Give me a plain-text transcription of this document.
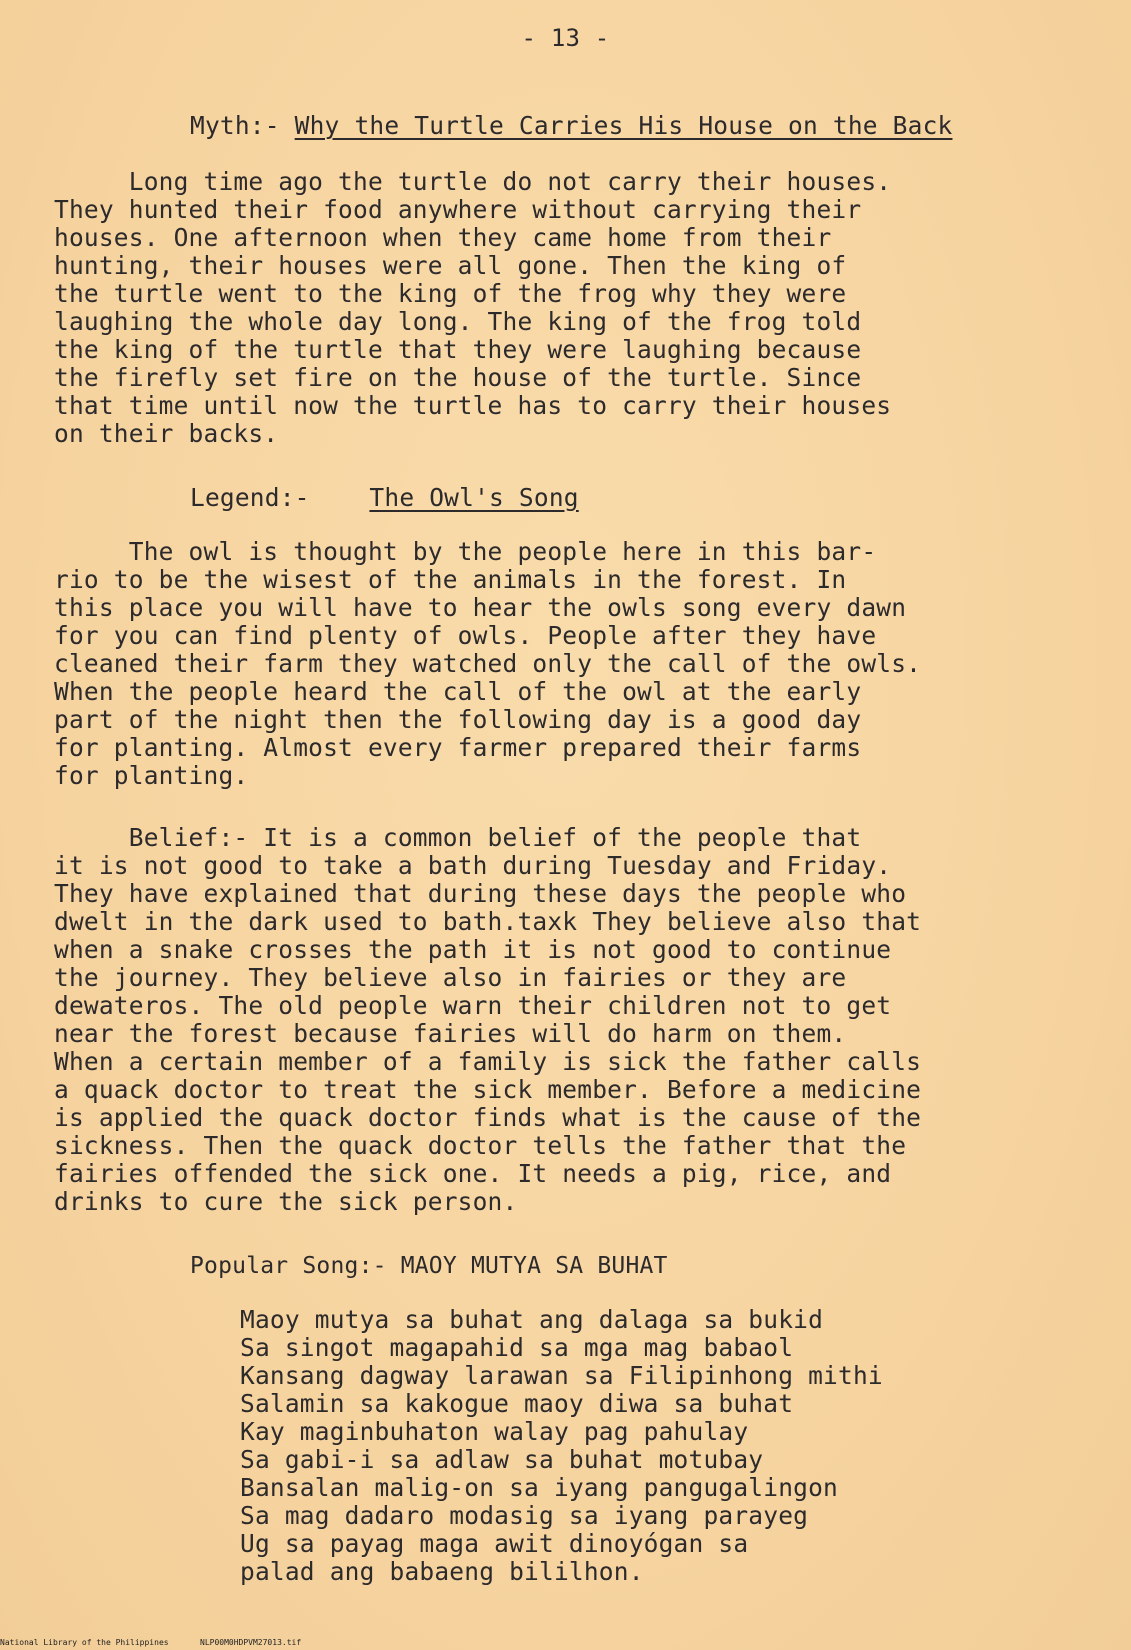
- 13 -
Myth:- Why the Turtle Carries His House on the Back
Long time ago the turtle do not carry their houses.
They hunted their food anywhere without carrying their
houses. One afternoon when they came home from their
hunting, their houses were all gone. Then the king of
the turtle went to the king of the frog why they were
laughing the whole day long. The king of the frog told
the king of the turtle that they were laughing because
the firefly set fire on the house of the turtle. Since
that time until now the turtle has to carry their houses
on their backs.
Legend:- The Owl's Song
The owl is thought by the people here in this bar-
rio to be the wisest of the animals in the forest. In
this place you will have to hear the owls song every dawn
for you can find plenty of owls. People after they have
cleaned their farm they watched only the call of the owls.
When the people heard the call of the owl at the early
part of the night then the following day is a good day
for planting. Almost every farmer prepared their farms
for planting.
Belief:- It is a common belief of the people that
it is not good to take a bath during Tuesday and Friday.
They have explained that during these days the people who
dwelt in the dark used to bath.taxk They believe also that
when a snake crosses the path it is not good to continue
the journey. They believe also in fairies or they are
dewateros. The old people warn their children not to get
near the forest because fairies will do harm on them.
When a certain member of a family is sick the father calls
a quack doctor to treat the sick member. Before a medicine
is applied the quack doctor finds what is the cause of the
sickness. Then the quack doctor tells the father that the
fairies offended the sick one. It needs a pig, rice, and
drinks to cure the sick person.
Popular Song:- MAOY MUTYA SA BUHAT
Maoy mutya sa buhat ang dalaga sa bukid
Sa singot magapahid sa mga mag babaol
Kansang dagway larawan sa Filipinhong mithi
Salamin sa kakogue maoy diwa sa buhat
Kay maginbuhaton walay pag pahulay
Sa gabi-i sa adlaw sa buhat motubay
Bansalan malig-on sa iyang pangugalingon
Sa mag dadaro modasig sa iyang parayeg
Ug sa payag maga awit dinoyógan sa
palad ang babaeng bililhon.
National Library of the Philippines	NLP00M0HDPVM27013.tif
